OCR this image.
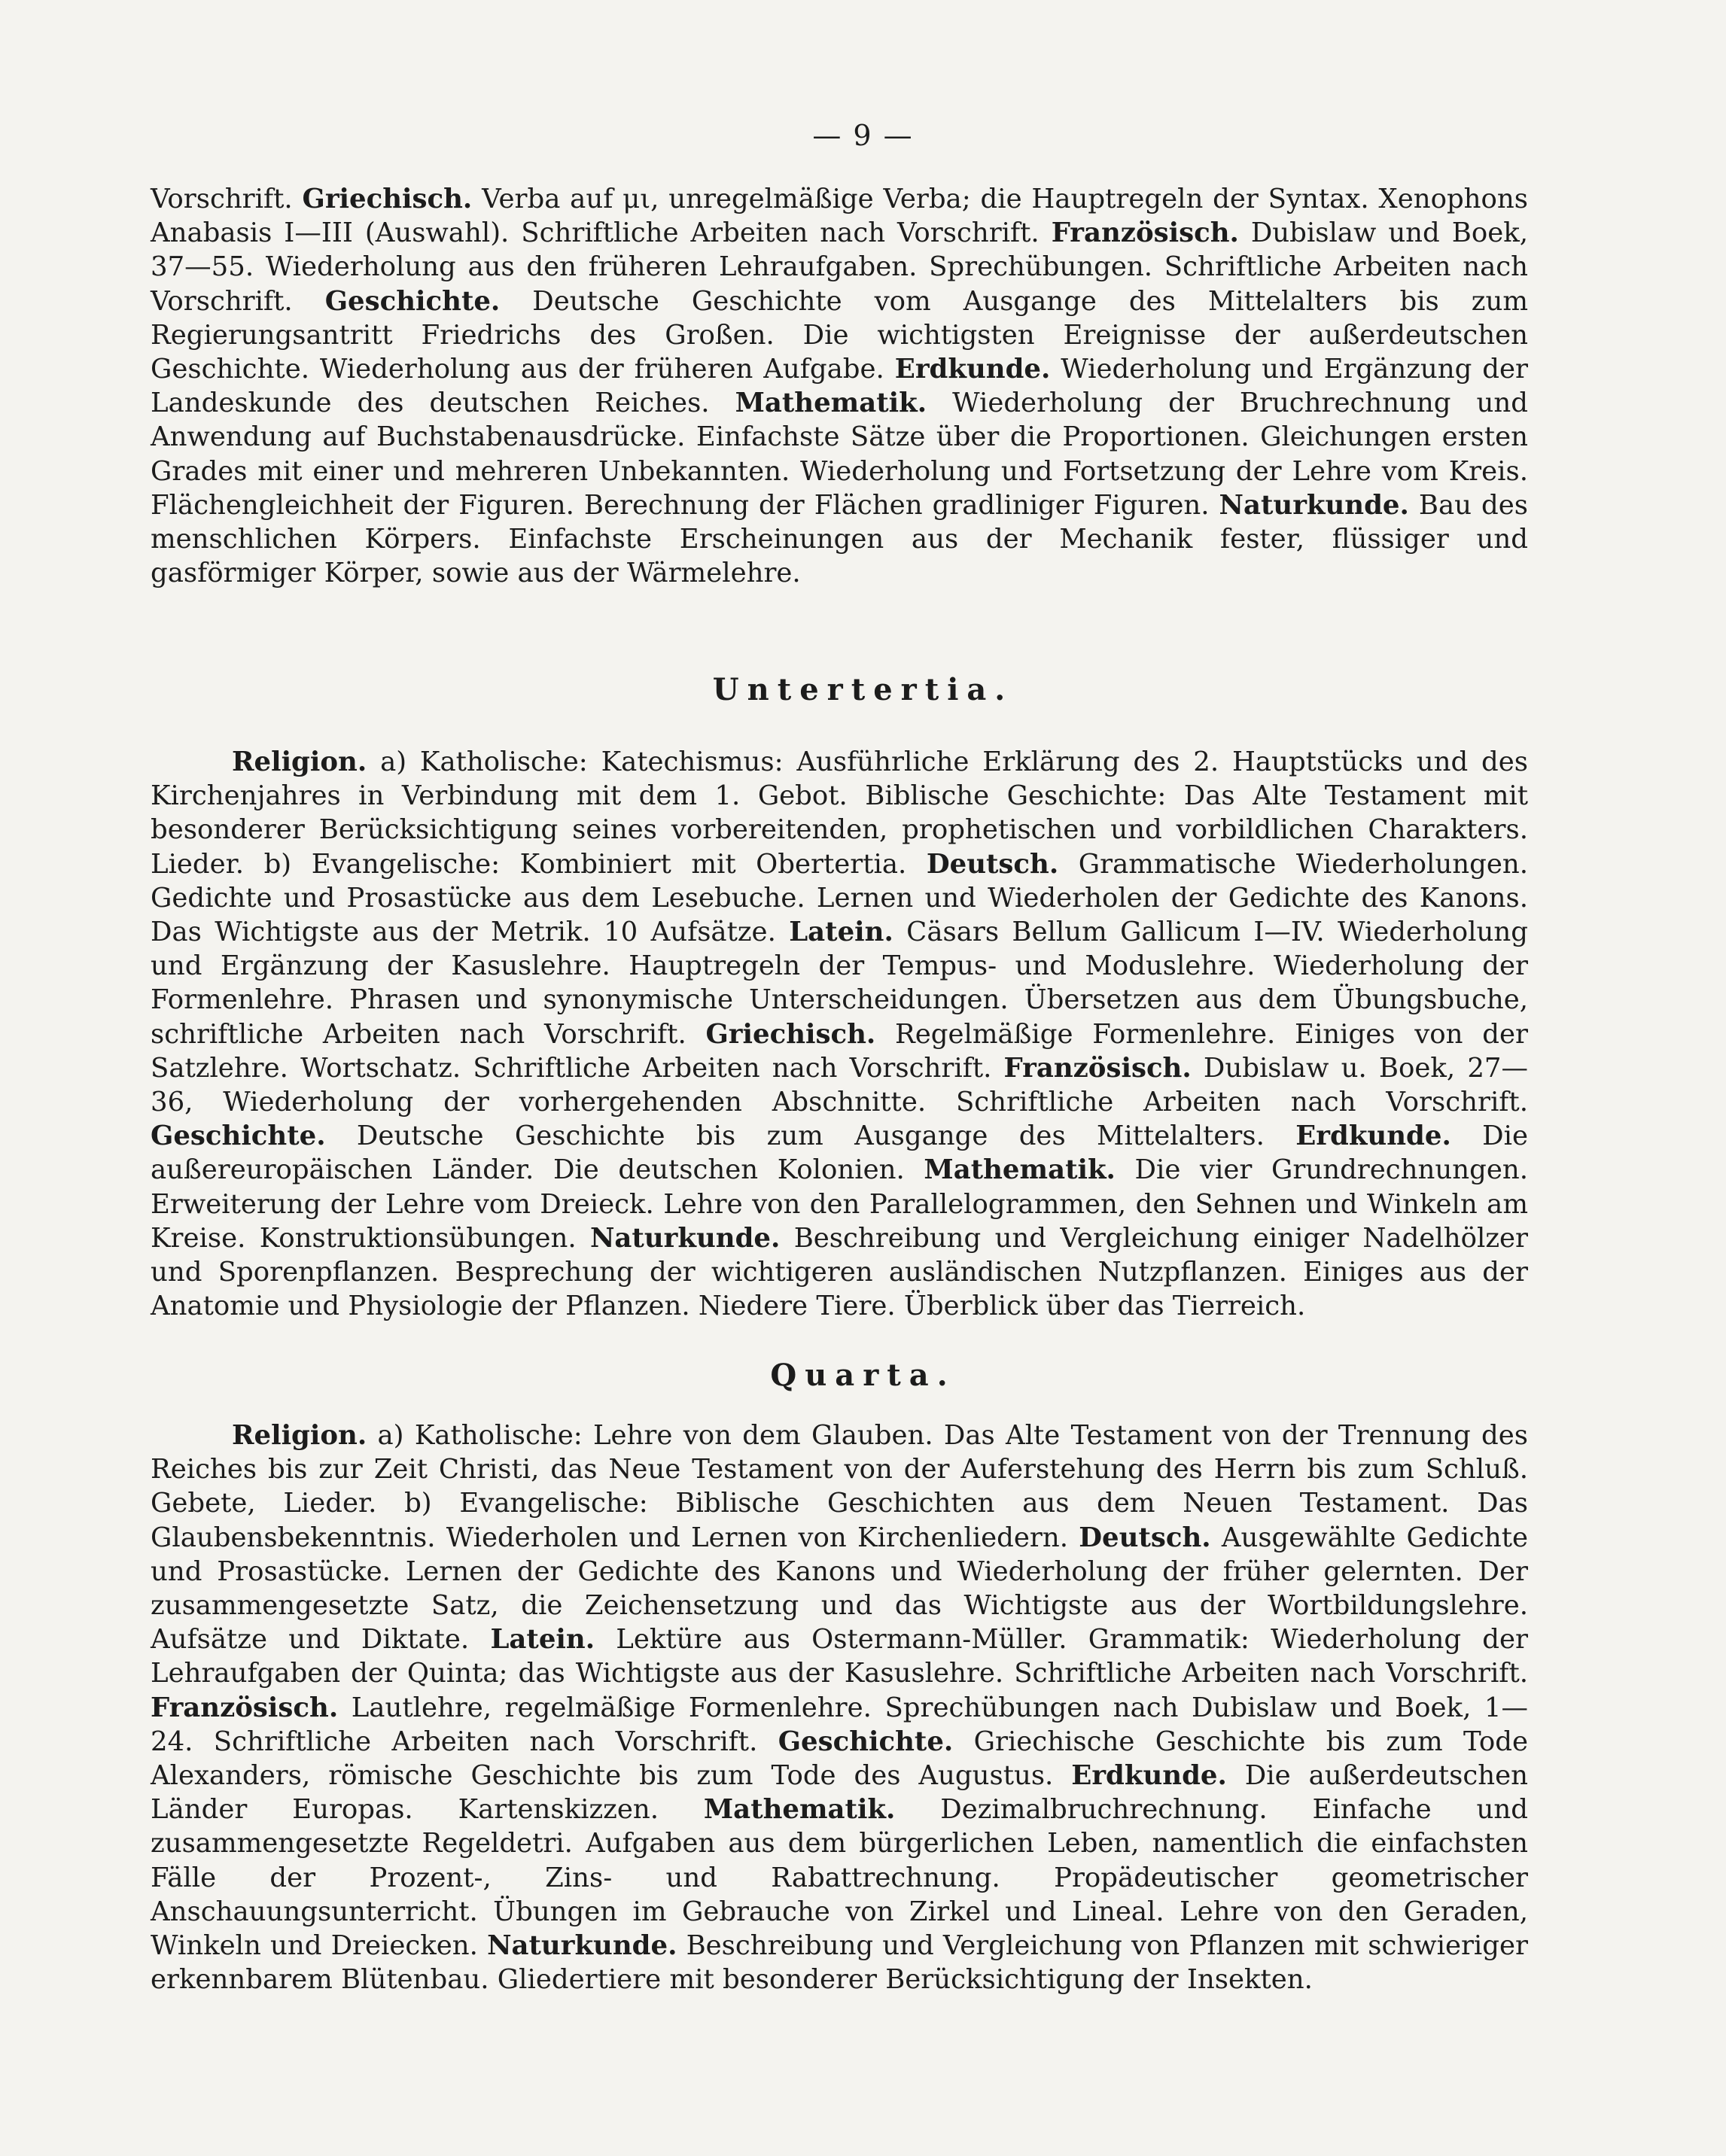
— 9 —

Vorschrift. Griechisch. Verba auf μι, unregelmäßige Verba; die Hauptregeln der Syntax. Xenophons Anabasis I—III (Auswahl). Schriftliche Arbeiten nach Vorschrift. Französisch. Dubislaw und Boek, 37—55. Wiederholung aus den früheren Lehraufgaben. Sprechübungen. Schriftliche Arbeiten nach Vorschrift. Geschichte. Deutsche Geschichte vom Ausgange des Mittelalters bis zum Regierungsantritt Friedrichs des Großen. Die wichtigsten Ereignisse der außerdeutschen Geschichte. Wiederholung aus der früheren Aufgabe. Erdkunde. Wiederholung und Ergänzung der Landeskunde des deutschen Reiches. Mathematik. Wiederholung der Bruchrechnung und Anwendung auf Buchstabenausdrücke. Einfachste Sätze über die Proportionen. Gleichungen ersten Grades mit einer und mehreren Unbekannten. Wiederholung und Fortsetzung der Lehre vom Kreis. Flächengleichheit der Figuren. Berechnung der Flächen gradliniger Figuren. Naturkunde. Bau des menschlichen Körpers. Einfachste Erscheinungen aus der Mechanik fester, flüssiger und gasförmiger Körper, sowie aus der Wärmelehre.

Untertertia.

Religion. a) Katholische: Katechismus: Ausführliche Erklärung des 2. Hauptstücks und des Kirchenjahres in Verbindung mit dem 1. Gebot. Biblische Geschichte: Das Alte Testament mit besonderer Berücksichtigung seines vorbereitenden, prophetischen und vorbildlichen Charakters. Lieder. b) Evangelische: Kombiniert mit Obertertia. Deutsch. Grammatische Wiederholungen. Gedichte und Prosastücke aus dem Lesebuche. Lernen und Wiederholen der Gedichte des Kanons. Das Wichtigste aus der Metrik. 10 Aufsätze. Latein. Cäsars Bellum Gallicum I—IV. Wiederholung und Ergänzung der Kasuslehre. Hauptregeln der Tempus- und Moduslehre. Wiederholung der Formenlehre. Phrasen und synonymische Unterscheidungen. Übersetzen aus dem Übungsbuche, schriftliche Arbeiten nach Vorschrift. Griechisch. Regelmäßige Formenlehre. Einiges von der Satzlehre. Wortschatz. Schriftliche Arbeiten nach Vorschrift. Französisch. Dubislaw u. Boek, 27—36, Wiederholung der vorhergehenden Abschnitte. Schriftliche Arbeiten nach Vorschrift. Geschichte. Deutsche Geschichte bis zum Ausgange des Mittelalters. Erdkunde. Die außereuropäischen Länder. Die deutschen Kolonien. Mathematik. Die vier Grundrechnungen. Erweiterung der Lehre vom Dreieck. Lehre von den Parallelogrammen, den Sehnen und Winkeln am Kreise. Konstruktionsübungen. Naturkunde. Beschreibung und Vergleichung einiger Nadelhölzer und Sporenpflanzen. Besprechung der wichtigeren ausländischen Nutzpflanzen. Einiges aus der Anatomie und Physiologie der Pflanzen. Niedere Tiere. Überblick über das Tierreich.

Quarta.

Religion. a) Katholische: Lehre von dem Glauben. Das Alte Testament von der Trennung des Reiches bis zur Zeit Christi, das Neue Testament von der Auferstehung des Herrn bis zum Schluß. Gebete, Lieder. b) Evangelische: Biblische Geschichten aus dem Neuen Testament. Das Glaubensbekenntnis. Wiederholen und Lernen von Kirchenliedern. Deutsch. Ausgewählte Gedichte und Prosastücke. Lernen der Gedichte des Kanons und Wiederholung der früher gelernten. Der zusammengesetzte Satz, die Zeichensetzung und das Wichtigste aus der Wortbildungslehre. Aufsätze und Diktate. Latein. Lektüre aus Ostermann-Müller. Grammatik: Wiederholung der Lehraufgaben der Quinta; das Wichtigste aus der Kasuslehre. Schriftliche Arbeiten nach Vorschrift. Französisch. Lautlehre, regelmäßige Formenlehre. Sprechübungen nach Dubislaw und Boek, 1—24. Schriftliche Arbeiten nach Vorschrift. Geschichte. Griechische Geschichte bis zum Tode Alexanders, römische Geschichte bis zum Tode des Augustus. Erdkunde. Die außerdeutschen Länder Europas. Kartenskizzen. Mathematik. Dezimalbruchrechnung. Einfache und zusammengesetzte Regeldetri. Aufgaben aus dem bürgerlichen Leben, namentlich die einfachsten Fälle der Prozent-, Zins- und Rabattrechnung. Propädeutischer geometrischer Anschauungsunterricht. Übungen im Gebrauche von Zirkel und Lineal. Lehre von den Geraden, Winkeln und Dreiecken. Naturkunde. Beschreibung und Vergleichung von Pflanzen mit schwieriger erkennbarem Blütenbau. Gliedertiere mit besonderer Berücksichtigung der Insekten.
